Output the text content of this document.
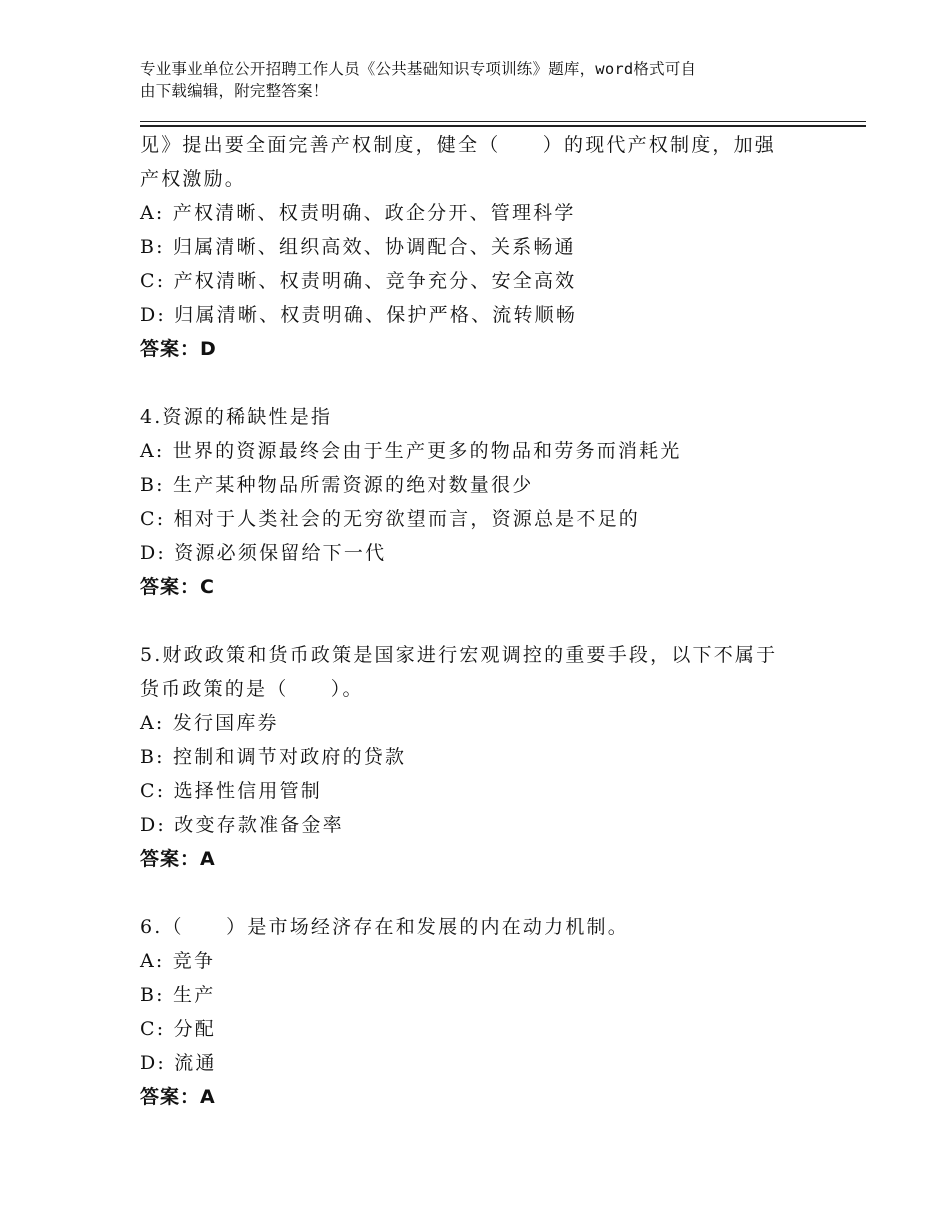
专业事业单位公开招聘工作人员《公共基础知识专项训练》题库，word格式可自
由下载编辑，附完整答案！
见》提出要全面完善产权制度，健全（　　）的现代产权制度，加强
产权激励。
A: 产权清晰、权责明确、政企分开、管理科学
B: 归属清晰、组织高效、协调配合、关系畅通
C: 产权清晰、权责明确、竞争充分、安全高效
D: 归属清晰、权责明确、保护严格、流转顺畅
答案：D
4.资源的稀缺性是指
A: 世界的资源最终会由于生产更多的物品和劳务而消耗光
B: 生产某种物品所需资源的绝对数量很少
C: 相对于人类社会的无穷欲望而言，资源总是不足的
D: 资源必须保留给下一代
答案：C
5.财政政策和货币政策是国家进行宏观调控的重要手段，以下不属于
货币政策的是（　　）。
A: 发行国库券
B: 控制和调节对政府的贷款
C: 选择性信用管制
D: 改变存款准备金率
答案：A
6.（　　）是市场经济存在和发展的内在动力机制。
A: 竞争
B: 生产
C: 分配
D: 流通
答案：A
